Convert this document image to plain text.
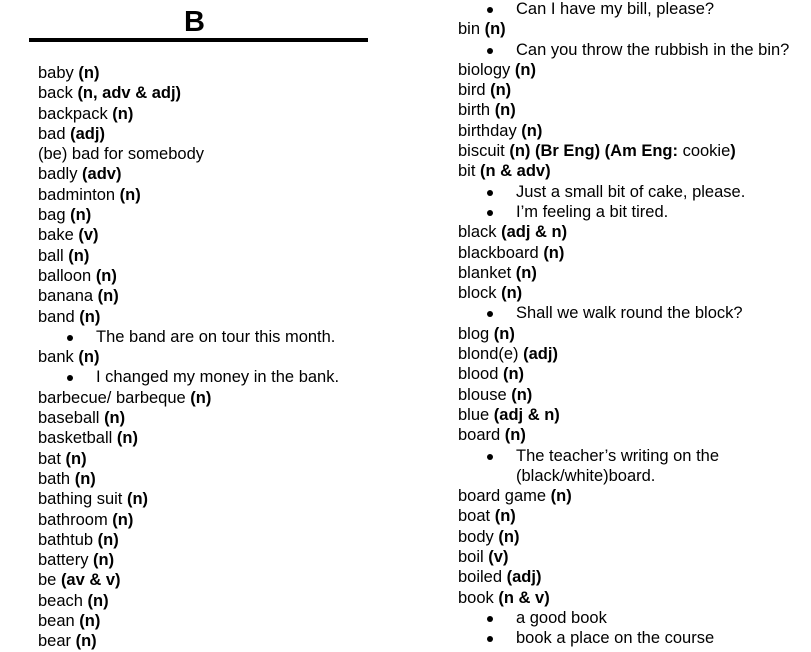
B
baby (n)
back (n, adv & adj)
backpack (n)
bad (adj)
(be) bad for somebody
badly (adv)
badminton (n)
bag (n)
bake (v)
ball (n)
balloon (n)
banana (n)
band (n)
The band are on tour this month.
bank (n)
I changed my money in the bank.
barbecue/ barbeque (n)
baseball (n)
basketball (n)
bat (n)
bath (n)
bathing suit (n)
bathroom (n)
bathtub (n)
battery (n)
be (av & v)
beach (n)
bean (n)
bear (n)
Can I have my bill, please?
bin (n)
Can you throw the rubbish in the bin?
biology (n)
bird (n)
birth (n)
birthday (n)
biscuit (n) (Br Eng) (Am Eng: cookie)
bit (n & adv)
Just a small bit of cake, please.
I’m feeling a bit tired.
black (adj & n)
blackboard (n)
blanket (n)
block (n)
Shall we walk round the block?
blog (n)
blond(e) (adj)
blood (n)
blouse (n)
blue (adj & n)
board (n)
The teacher’s writing on the
(black/white)board.
board game (n)
boat (n)
body (n)
boil (v)
boiled (adj)
book (n & v)
a good book
book a place on the course
